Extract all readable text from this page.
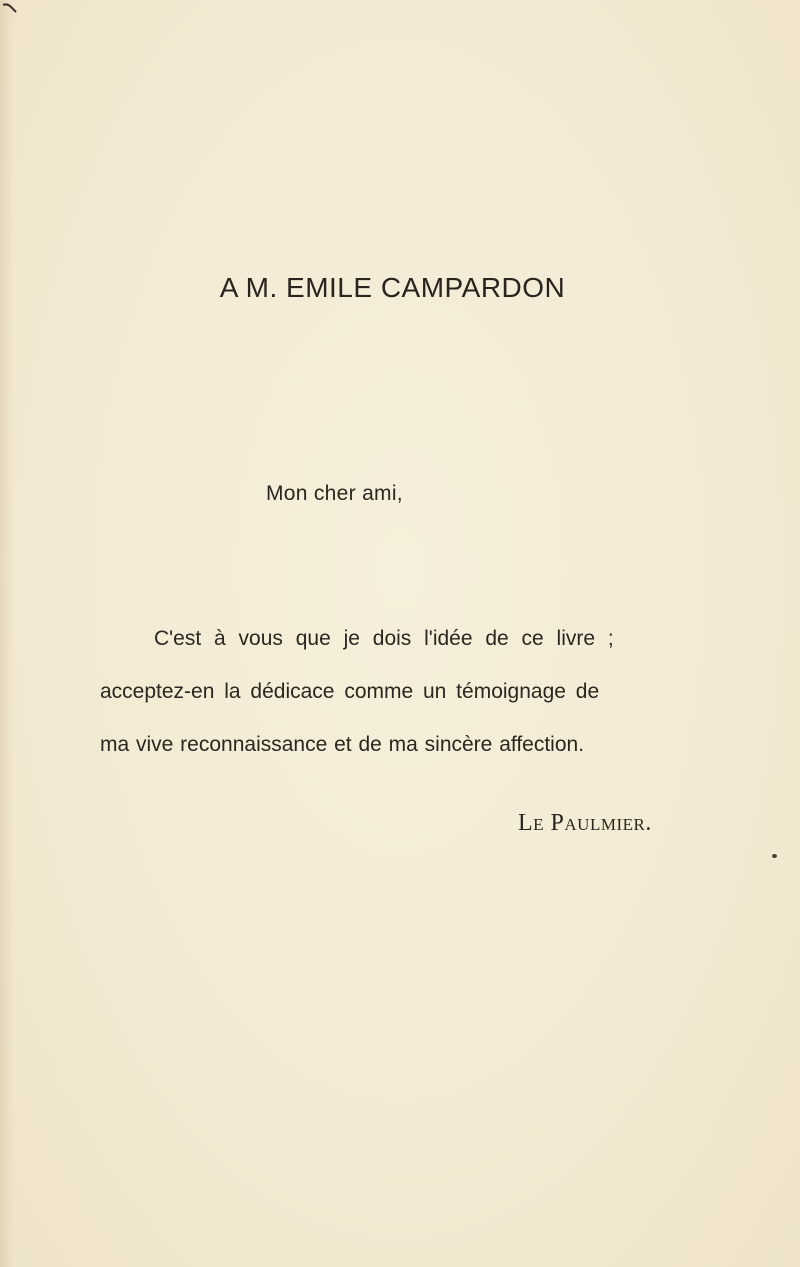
A M. EMILE CAMPARDON

Mon cher ami,

C'est à vous que je dois l'idée de ce livre ;
acceptez-en la dédicace comme un témoignage de
ma vive reconnaissance et de ma sincère affection.

Le Paulmier.
